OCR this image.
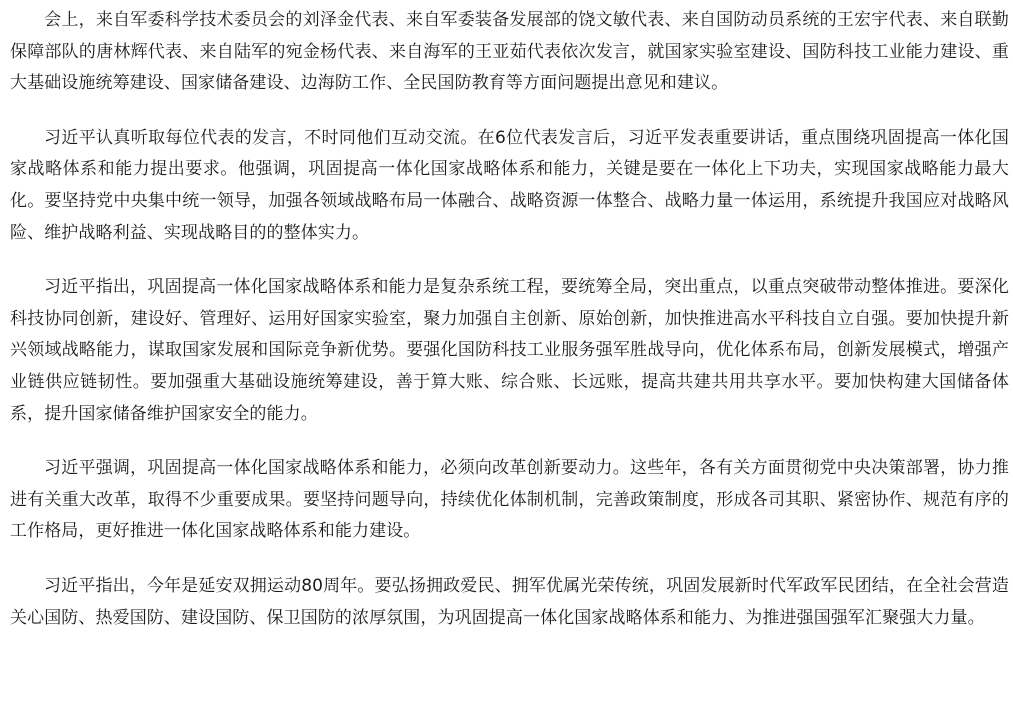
会上，来自军委科学技术委员会的刘泽金代表、来自军委装备发展部的饶文敏代表、来自国防动员系统的王宏宇代表、来自联勤保障部队的唐林辉代表、来自陆军的宛金杨代表、来自海军的王亚茹代表依次发言，就国家实验室建设、国防科技工业能力建设、重大基础设施统筹建设、国家储备建设、边海防工作、全民国防教育等方面问题提出意见和建议。

习近平认真听取每位代表的发言，不时同他们互动交流。在6位代表发言后，习近平发表重要讲话，重点围绕巩固提高一体化国家战略体系和能力提出要求。他强调，巩固提高一体化国家战略体系和能力，关键是要在一体化上下功夫，实现国家战略能力最大化。要坚持党中央集中统一领导，加强各领域战略布局一体融合、战略资源一体整合、战略力量一体运用，系统提升我国应对战略风险、维护战略利益、实现战略目的的整体实力。

习近平指出，巩固提高一体化国家战略体系和能力是复杂系统工程，要统筹全局，突出重点，以重点突破带动整体推进。要深化科技协同创新，建设好、管理好、运用好国家实验室，聚力加强自主创新、原始创新，加快推进高水平科技自立自强。要加快提升新兴领域战略能力，谋取国家发展和国际竞争新优势。要强化国防科技工业服务强军胜战导向，优化体系布局，创新发展模式，增强产业链供应链韧性。要加强重大基础设施统筹建设，善于算大账、综合账、长远账，提高共建共用共享水平。要加快构建大国储备体系，提升国家储备维护国家安全的能力。

习近平强调，巩固提高一体化国家战略体系和能力，必须向改革创新要动力。这些年，各有关方面贯彻党中央决策部署，协力推进有关重大改革，取得不少重要成果。要坚持问题导向，持续优化体制机制，完善政策制度，形成各司其职、紧密协作、规范有序的工作格局，更好推进一体化国家战略体系和能力建设。

习近平指出，今年是延安双拥运动80周年。要弘扬拥政爱民、拥军优属光荣传统，巩固发展新时代军政军民团结，在全社会营造关心国防、热爱国防、建设国防、保卫国防的浓厚氛围，为巩固提高一体化国家战略体系和能力、为推进强国强军汇聚强大力量。
